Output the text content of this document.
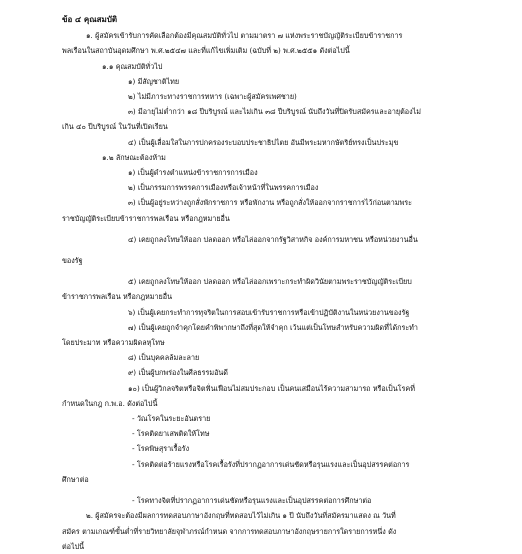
ข้อ ๔ คุณสมบัติ
๑. ผู้สมัครเข้ารับการคัดเลือกต้องมีคุณสมบัติทั่วไป ตามมาตรา ๗ แห่งพระราชบัญญัติระเบียบข้าราชการ
พลเรือนในสถาบันอุดมศึกษา พ.ศ.๒๕๔๗ และที่แก้ไขเพิ่มเติม (ฉบับที่ ๒) พ.ศ.๒๕๕๑ ดังต่อไปนี้
๑.๑ คุณสมบัติทั่วไป
๑) มีสัญชาติไทย
๒) ไม่มีภาระทางราชการทหาร (เฉพาะผู้สมัครเพศชาย)
๓) มีอายุไม่ต่ำกว่า ๑๘ ปีบริบูรณ์ และไม่เกิน ๓๘ ปีบริบูรณ์ นับถึงวันที่ปิดรับสมัครและอายุต้องไม่
เกิน ๔๐ ปีบริบูรณ์ ในวันที่เปิดเรียน
๔) เป็นผู้เลื่อมใสในการปกครองระบอบประชาธิปไตย อันมีพระมหากษัตริย์ทรงเป็นประมุข
๑.๒ ลักษณะต้องห้าม
๑) เป็นผู้ดำรงตำแหน่งข้าราชการการเมือง
๒) เป็นกรรมการพรรคการเมืองหรือเจ้าหน้าที่ในพรรคการเมือง
๓) เป็นผู้อยู่ระหว่างถูกสั่งพักราชการ หรือพักงาน หรือถูกสั่งให้ออกจากราชการไว้ก่อนตามพระ
ราชบัญญัติระเบียบข้าราชการพลเรือน หรือกฎหมายอื่น
๔) เคยถูกลงโทษให้ออก ปลดออก หรือไล่ออกจากรัฐวิสาหกิจ องค์การมหาชน หรือหน่วยงานอื่น
ของรัฐ
๕) เคยถูกลงโทษให้ออก ปลดออก หรือไล่ออกเพราะกระทำผิดวินัยตามพระราชบัญญัติระเบียบ
ข้าราชการพลเรือน หรือกฎหมายอื่น
๖) เป็นผู้เคยกระทำการทุจริตในการสอบเข้ารับราชการหรือเข้าปฏิบัติงานในหน่วยงานของรัฐ
๗) เป็นผู้เคยถูกจำคุกโดยคำพิพากษาถึงที่สุดให้จำคุก เว้นแต่เป็นโทษสำหรับความผิดที่ได้กระทำ
โดยประมาท หรือความผิดลหุโทษ
๘) เป็นบุคคลล้มละลาย
๙) เป็นผู้บกพร่องในศีลธรรมอันดี
๑๐) เป็นผู้วิกลจริตหรือจิตฟั่นเฟือนไม่สมประกอบ เป็นคนเสมือนไร้ความสามารถ หรือเป็นโรคที่
กำหนดในกฎ ก.พ.อ. ดังต่อไปนี้
- วัณโรคในระยะอันตราย
- โรคติดยาเสพติดให้โทษ
- โรคพิษสุราเรื้อรัง
- โรคติดต่อร้ายแรงหรือโรคเรื้อรังที่ปรากฏอาการเด่นชัดหรือรุนแรงและเป็นอุปสรรคต่อการ
ศึกษาต่อ
- โรคทางจิตที่ปรากฏอาการเด่นชัดหรือรุนแรงและเป็นอุปสรรคต่อการศึกษาต่อ
๒. ผู้สมัครจะต้องมีผลการทดสอบภาษาอังกฤษที่ทดสอบไว้ไม่เกิน ๑ ปี นับถึงวันที่สมัครมาแสดง ณ วันที่
สมัคร ตามเกณฑ์ขั้นต่ำที่รายวิทยาลัยจุฬาภรณ์กำหนด จากการทดสอบภาษาอังกฤษรายการใดรายการหนึ่ง ดัง
ต่อไปนี้
